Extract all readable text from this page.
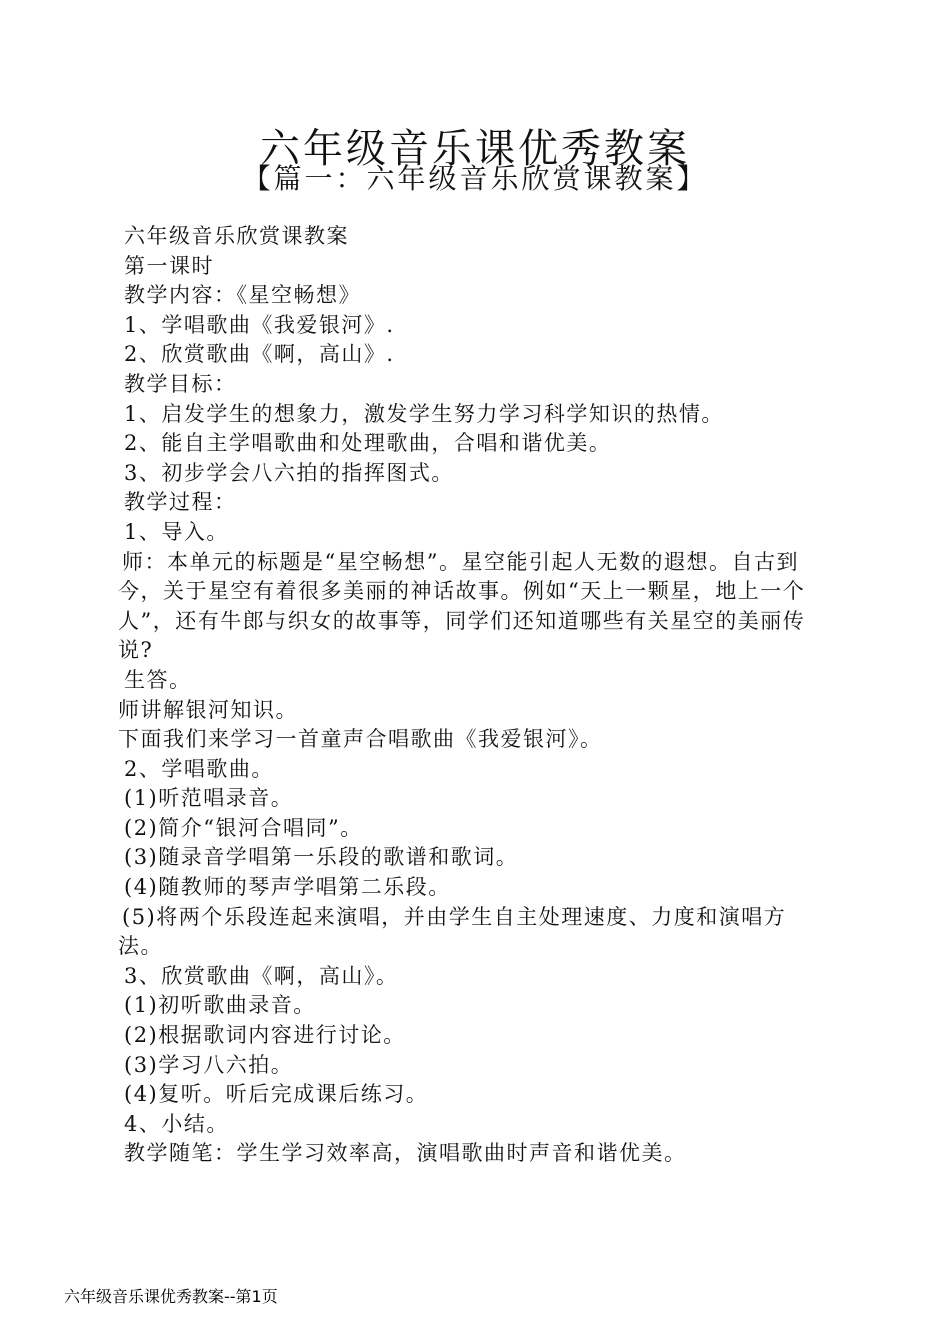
六年级音乐课优秀教案
【篇一：六年级音乐欣赏课教案】
六年级音乐欣赏课教案
第一课时
教学内容：《星空畅想》
1、学唱歌曲《我爱银河》.
2、欣赏歌曲《啊，高山》.
教学目标：
1、启发学生的想象力，激发学生努力学习科学知识的热情。
2、能自主学唱歌曲和处理歌曲，合唱和谐优美。
3、初步学会八六拍的指挥图式。
教学过程：
1、导入。
师：本单元的标题是“星空畅想”。星空能引起人无数的遐想。自古到今，关于星空有着很多美丽的神话故事。例如“天上一颗星，地上一个人”，还有牛郎与织女的故事等，同学们还知道哪些有关星空的美丽传说?
生答。
师讲解银河知识。
下面我们来学习一首童声合唱歌曲《我爱银河》。
2、学唱歌曲。
(1)听范唱录音。
(2)简介“银河合唱同”。
(3)随录音学唱第一乐段的歌谱和歌词。
(4)随教师的琴声学唱第二乐段。
(5)将两个乐段连起来演唱，并由学生自主处理速度、力度和演唱方法。
3、欣赏歌曲《啊，高山》。
(1)初听歌曲录音。
(2)根据歌词内容进行讨论。
(3)学习八六拍。
(4)复听。听后完成课后练习。
4、小结。
教学随笔：学生学习效率高，演唱歌曲时声音和谐优美。
六年级音乐课优秀教案--第1页
